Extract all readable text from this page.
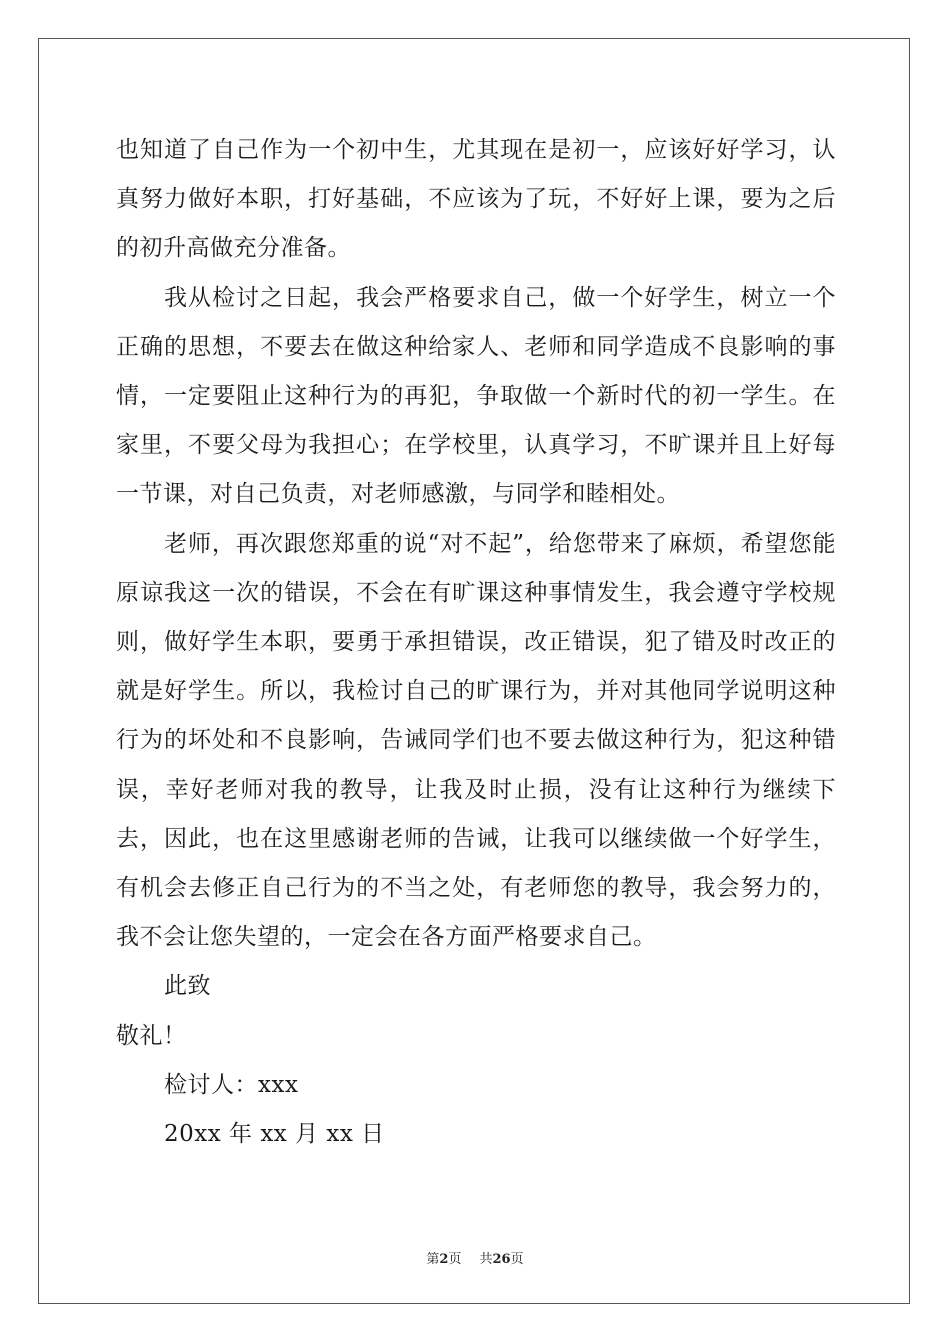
也知道了自己作为一个初中生，尤其现在是初一，应该好好学习，认真努力做好本职，打好基础，不应该为了玩，不好好上课，要为之后的初升高做充分准备。

我从检讨之日起，我会严格要求自己，做一个好学生，树立一个正确的思想，不要去在做这种给家人、老师和同学造成不良影响的事情，一定要阻止这种行为的再犯，争取做一个新时代的初一学生。在家里，不要父母为我担心；在学校里，认真学习，不旷课并且上好每一节课，对自己负责，对老师感激，与同学和睦相处。

老师，再次跟您郑重的说“对不起”，给您带来了麻烦，希望您能原谅我这一次的错误，不会在有旷课这种事情发生，我会遵守学校规则，做好学生本职，要勇于承担错误，改正错误，犯了错及时改正的就是好学生。所以，我检讨自己的旷课行为，并对其他同学说明这种行为的坏处和不良影响，告诫同学们也不要去做这种行为，犯这种错误，幸好老师对我的教导，让我及时止损，没有让这种行为继续下去，因此，也在这里感谢老师的告诫，让我可以继续做一个好学生，有机会去修正自己行为的不当之处，有老师您的教导，我会努力的，我不会让您失望的，一定会在各方面严格要求自己。

此致

敬礼！

检讨人：xxx

20xx 年 xx 月 xx 日

第2页 共26页
